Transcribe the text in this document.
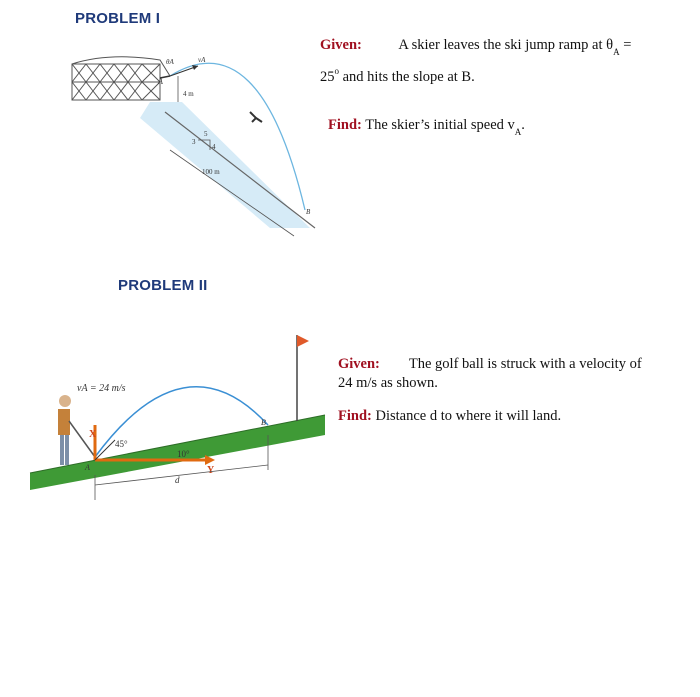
PROBLEM I
4 m
vA
θA
A
3
4
5
100 m
B
Given:	A skier leaves the ski jump ramp at $\theta_A$ =
$25^o$ and hits the slope at B.
Find: The skier’s initial speed $v_A$.
PROBLEM II
X
Y
45°
A
10°
B
vA = 24 m/s
d
Given: The golf ball is struck with a velocity of
24 m/s as shown.
Find: Distance d to where it will land.
